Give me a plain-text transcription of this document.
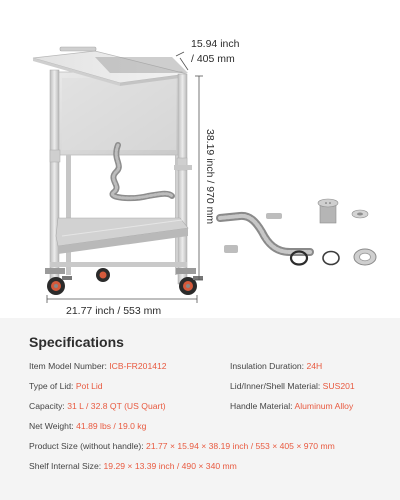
15.94 inch
/ 405 mm
38.19 inch / 970 mm
21.77 inch / 553 mm
Specifications
Item Model Number: ICB-FR201412	Insulation Duration: 24H
Type of Lid: Pot Lid	Lid/Inner/Shell Material: SUS201
Capacity: 31 L / 32.8 QT (US Quart)	Handle Material: Aluminum Alloy
Net Weight: 41.89 lbs / 19.0 kg
Product Size (without handle): 21.77 × 15.94 × 38.19 inch / 553 × 405 × 970 mm
Shelf Internal Size: 19.29 × 13.39 inch / 490 × 340 mm
